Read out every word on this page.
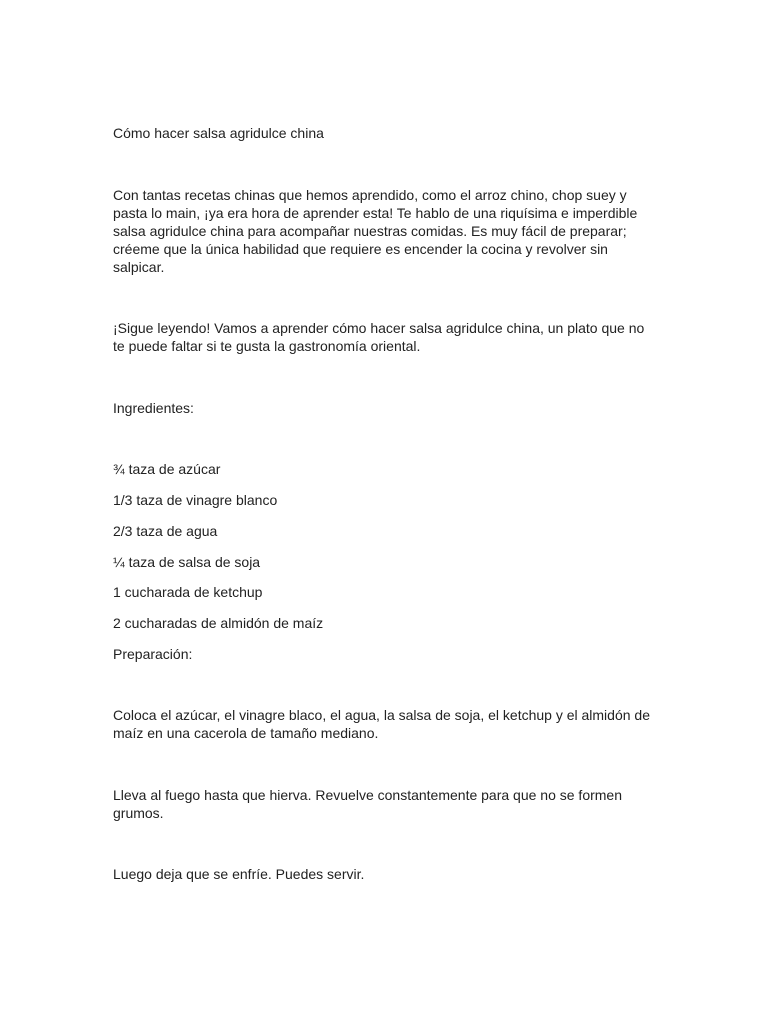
Cómo hacer salsa agridulce china

Con tantas recetas chinas que hemos aprendido, como el arroz chino, chop suey y pasta lo main, ¡ya era hora de aprender esta! Te hablo de una riquísima e imperdible salsa agridulce china para acompañar nuestras comidas. Es muy fácil de preparar; créeme que la única habilidad que requiere es encender la cocina y revolver sin salpicar.

¡Sigue leyendo! Vamos a aprender cómo hacer salsa agridulce china, un plato que no te puede faltar si te gusta la gastronomía oriental.

Ingredientes:

¾ taza de azúcar

1/3 taza de vinagre blanco

2/3 taza de agua

¼ taza de salsa de soja

1 cucharada de ketchup

2 cucharadas de almidón de maíz

Preparación:

Coloca el azúcar, el vinagre blaco, el agua, la salsa de soja, el ketchup y el almidón de maíz en una cacerola de tamaño mediano.

Lleva al fuego hasta que hierva. Revuelve constantemente para que no se formen grumos.

Luego deja que se enfríe. Puedes servir.
